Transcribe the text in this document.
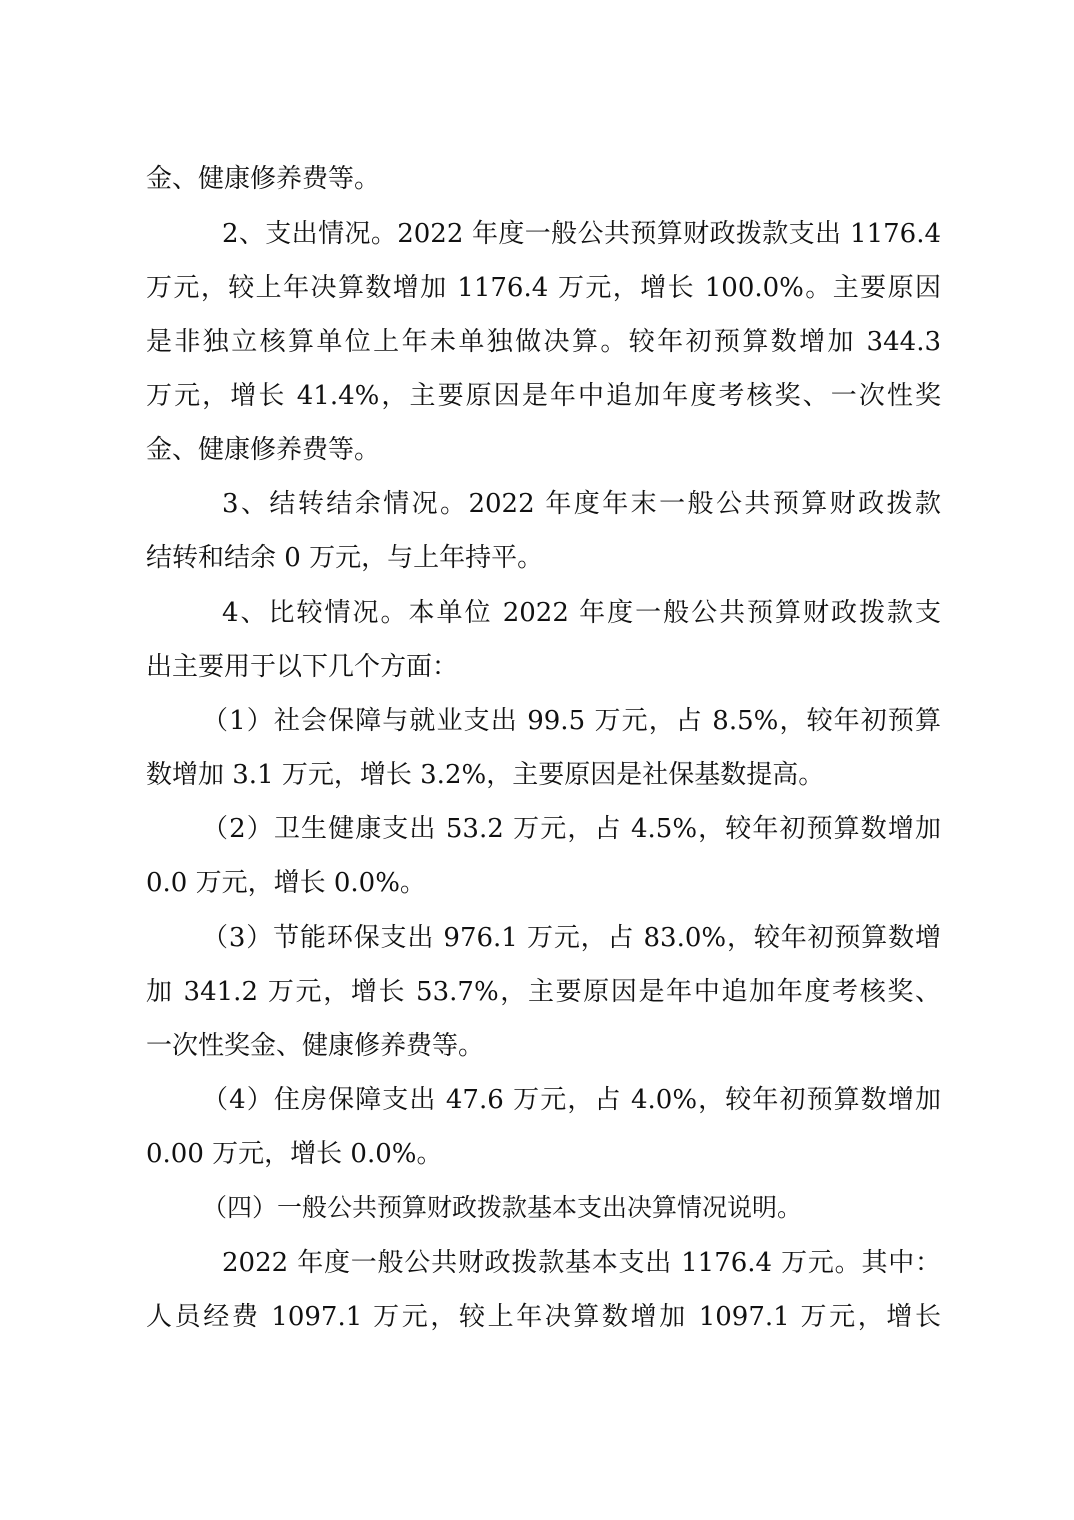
金、健康修养费等。
2、支出情况。2022 年度一般公共预算财政拨款支出 1176.4
万元，较上年决算数增加 1176.4 万元，增长 100.0%。主要原因
是非独立核算单位上年未单独做决算。较年初预算数增加 344.3
万元，增长 41.4%，主要原因是年中追加年度考核奖、一次性奖
金、健康修养费等。
3、结转结余情况。2022 年度年末一般公共预算财政拨款
结转和结余 0 万元，与上年持平。
4、比较情况。本单位 2022 年度一般公共预算财政拨款支
出主要用于以下几个方面：
（1）社会保障与就业支出 99.5 万元，占 8.5%，较年初预算
数增加 3.1 万元，增长 3.2%，主要原因是社保基数提高。
（2）卫生健康支出 53.2 万元，占 4.5%，较年初预算数增加
0.0 万元，增长 0.0%。
（3）节能环保支出 976.1 万元，占 83.0%，较年初预算数增
加 341.2 万元，增长 53.7%，主要原因是年中追加年度考核奖、
一次性奖金、健康修养费等。
（4）住房保障支出 47.6 万元，占 4.0%，较年初预算数增加
0.00 万元，增长 0.0%。
（四）一般公共预算财政拨款基本支出决算情况说明。
2022 年度一般公共财政拨款基本支出 1176.4 万元。其中：
人员经费 1097.1 万元，较上年决算数增加 1097.1 万元，增长
